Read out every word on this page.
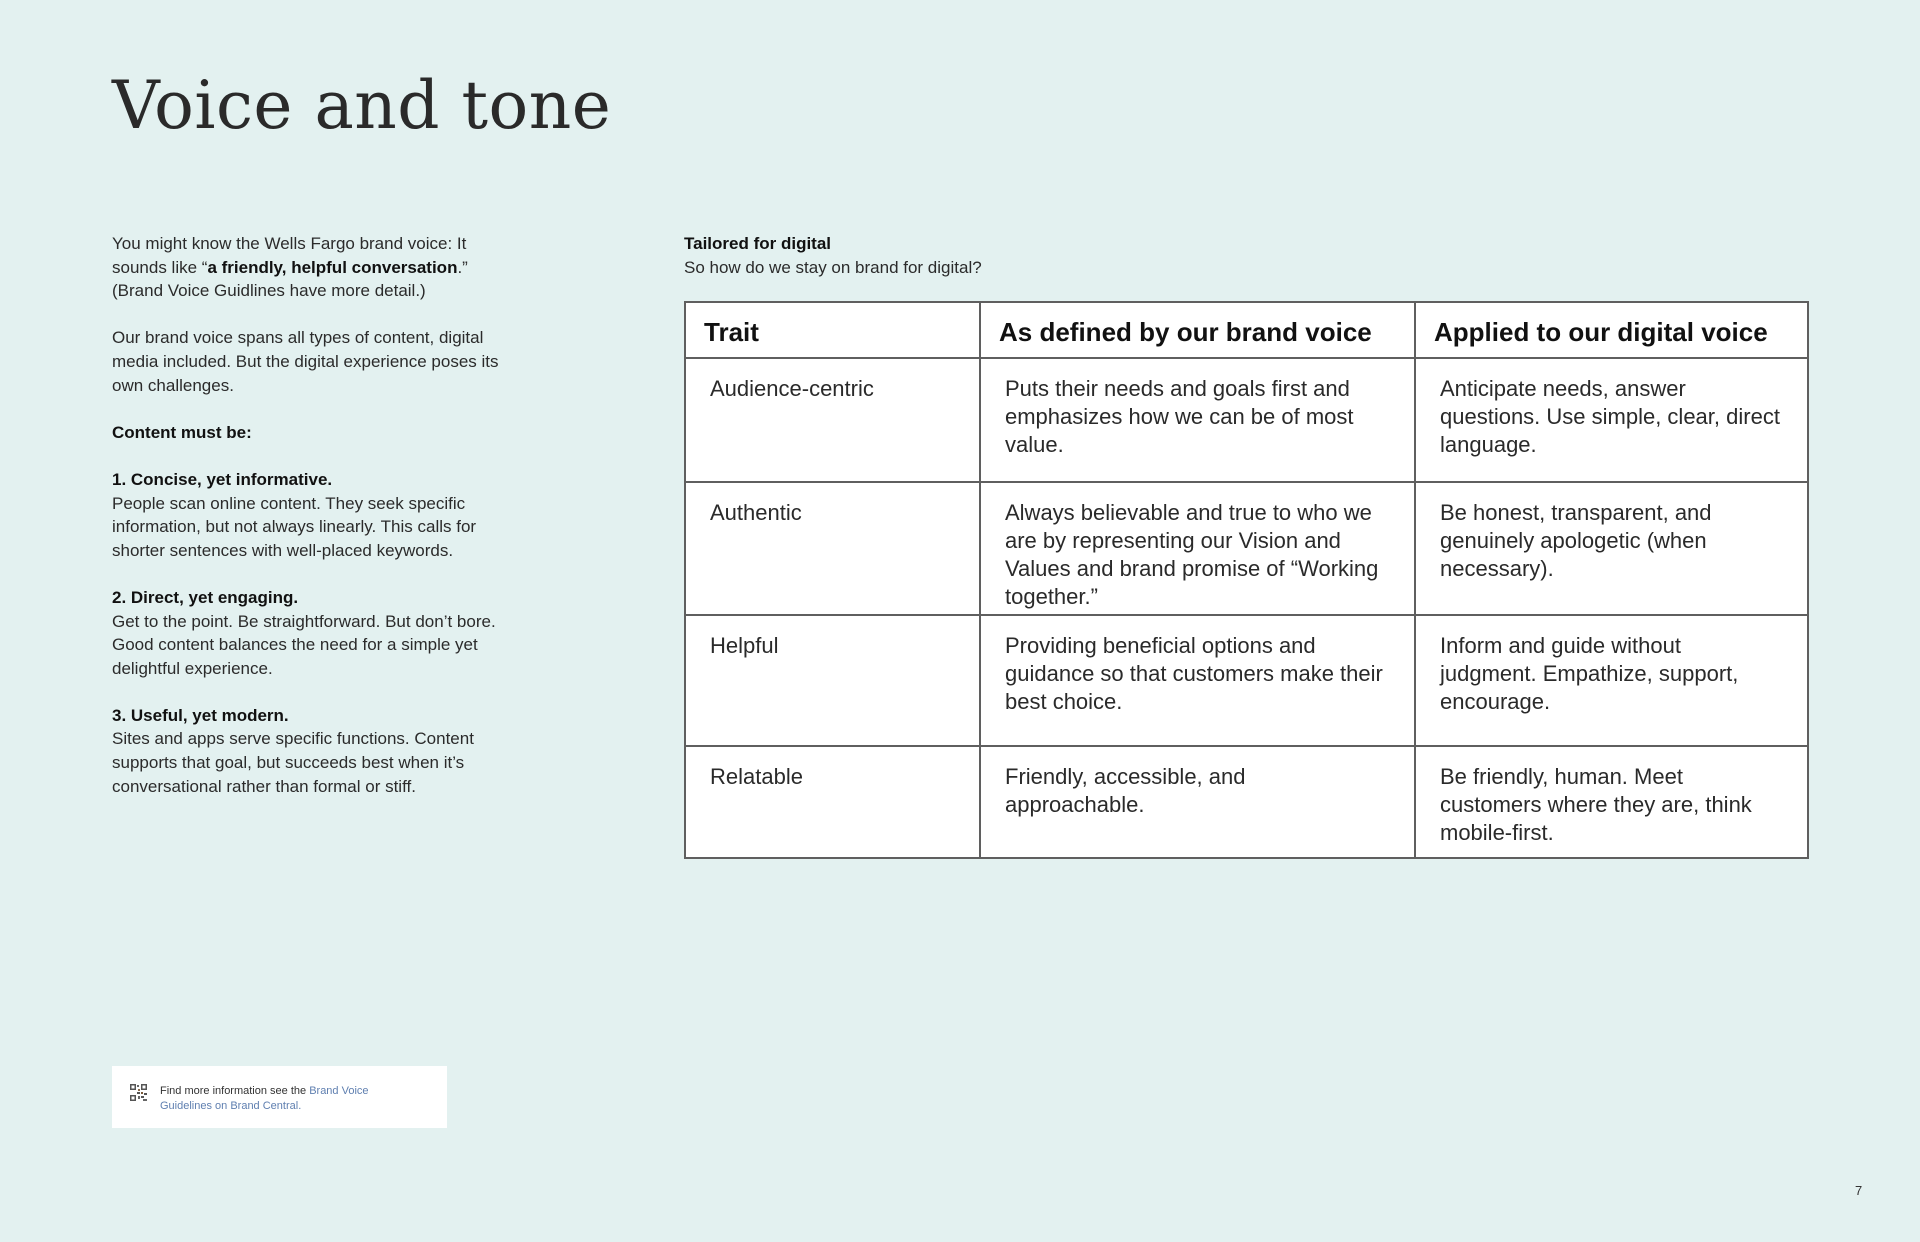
Voice and tone

You might know the Wells Fargo brand voice: It sounds like “a friendly, helpful conversation.” (Brand Voice Guidlines have more detail.)

Our brand voice spans all types of content, digital media included. But the digital experience poses its own challenges.

Content must be:

1. Concise, yet informative.
People scan online content. They seek specific information, but not always linearly. This calls for shorter sentences with well-placed keywords.

2. Direct, yet engaging.
Get to the point. Be straightforward. But don’t bore. Good content balances the need for a simple yet delightful experience.

3. Useful, yet modern.
Sites and apps serve specific functions. Content supports that goal, but succeeds best when it’s conversational rather than formal or stiff.

Find more information see the Brand Voice Guidelines on Brand Central.
Tailored for digital
So how do we stay on brand for digital?
Trait	As defined by our brand voice	Applied to our digital voice
Audience-centric	Puts their needs and goals first and emphasizes how we can be of most value.	Anticipate needs, answer questions. Use simple, clear, direct language.
Authentic	Always believable and true to who we are by representing our Vision and Values and brand promise of “Working together.”	Be honest, transparent, and genuinely apologetic (when necessary).
Helpful	Providing beneficial options and guidance so that customers make their best choice.	Inform and guide without judgment. Empathize, support, encourage.
Relatable	Friendly, accessible, and approachable.	Be friendly, human. Meet customers where they are, think mobile-first.
7
